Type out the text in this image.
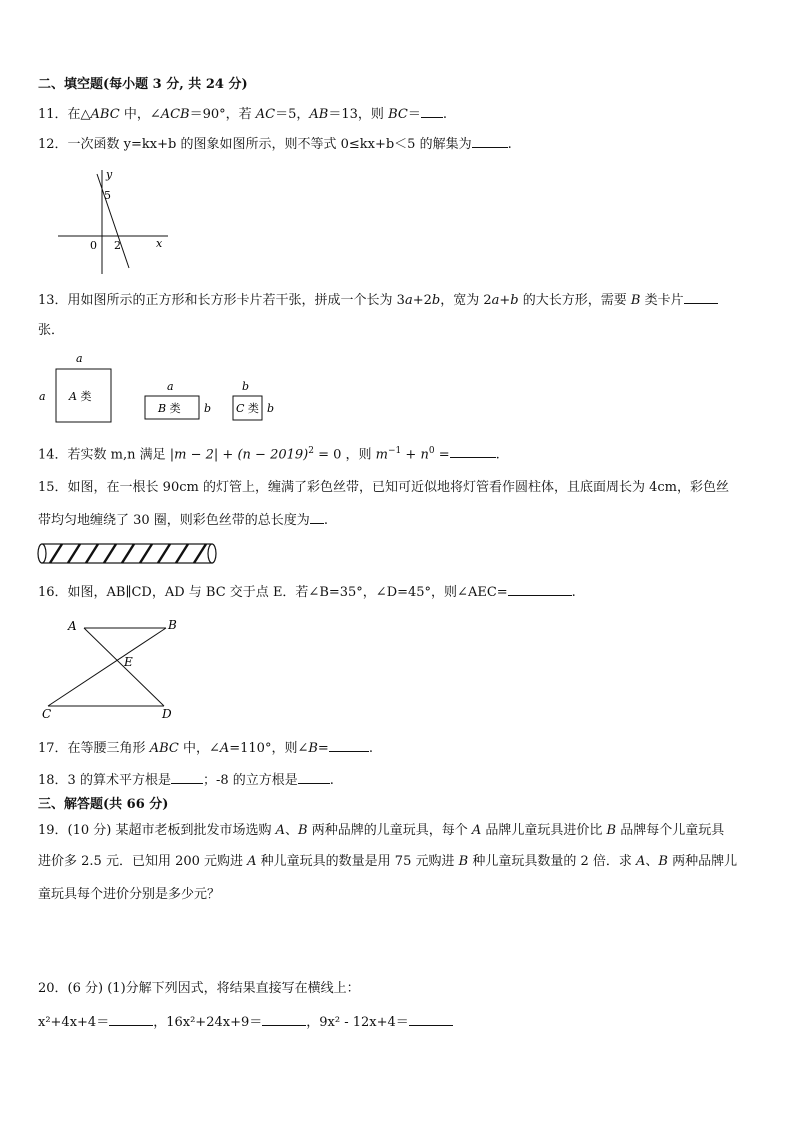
二、填空题(每小题 3 分, 共 24 分)
11．在△ABC 中，∠ACB＝90°，若 AC＝5，AB＝13，则 BC＝ .
12．一次函数 y=kx+b 的图象如图所示，则不等式 0≤kx+b＜5 的解集为	.
y
x
5
0 2
13．用如图所示的正方形和长方形卡片若干张，拼成一个长为 3a+2b，宽为 2a+b 的大长方形，需要 B 类卡片
张．
a
a A 类
a
B 类 b
b
C 类 b
14．若实数 m,n 满足 $|m - 2| + (n - 2019)^2 = 0$ ，则 $m^{-1} + n^0$ =	.
15．如图，在一根长 90cm 的灯管上，缠满了彩色丝带，已知可近似地将灯管看作圆柱体，且底面周长为 4cm，彩色丝
带均匀地缠绕了 30 圈，则彩色丝带的总长度为 .
16．如图，AB∥CD，AD 与 BC 交于点 E．若∠B=35°，∠D=45°，则∠AEC=	.
A	B
E
C	D
17．在等腰三角形 ABC 中，∠A=110°，则∠B=	.
18．3 的算术平方根是 ；-8 的立方根是 .
三、解答题(共 66 分)
19．(10 分) 某超市老板到批发市场选购 A、B 两种品牌的儿童玩具，每个 A 品牌儿童玩具进价比 B 品牌每个儿童玩具
进价多 2.5 元．已知用 200 元购进 A 种儿童玩具的数量是用 75 元购进 B 种儿童玩具数量的 2 倍．求 A、B 两种品牌儿
童玩具每个进价分别是多少元？
20．(6 分) (1)分解下列因式，将结果直接写在横线上：
x²+4x+4＝	，16x²+24x+9＝	，9x² - 12x+4＝
